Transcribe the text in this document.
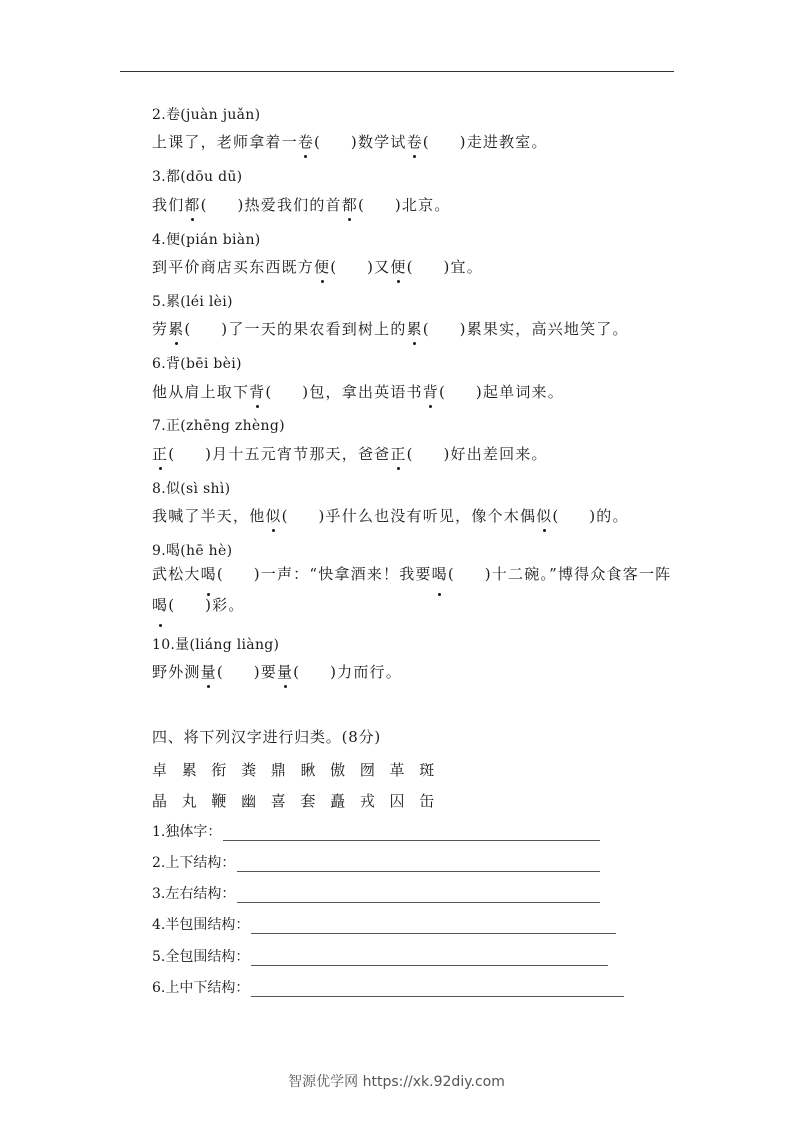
2.卷(juàn juǎn)
上课了，老师拿着一卷(     )数学试卷(     )走进教室。
3.都(dōu dū)
我们都(     )热爱我们的首都(     )北京。
4.便(pián biàn)
到平价商店买东西既方便(     )又便(     )宜。
5.累(léi lèi)
劳累(     )了一天的果农看到树上的累(     )累果实，高兴地笑了。
6.背(bēi bèi)
他从肩上取下背(     )包，拿出英语书背(     )起单词来。
7.正(zhēng zhèng)
正(     )月十五元宵节那天，爸爸正(     )好出差回来。
8.似(sì shì)
我喊了半天，他似(     )乎什么也没有听见，像个木偶似(     )的。
9.喝(hē hè)
武松大喝(     )一声：“快拿酒来！我要喝(     )十二碗。”博得众食客一阵喝(     )彩。
10.量(liáng liàng)
野外测量(     )要量(     )力而行。
四、将下列汉字进行归类。(8分)
卓 累 衔 粪 鼎 瞅 傲 囫 革 斑
晶 丸 鞭 幽 喜 套 矗 戎 囚 缶
1.独体字：
2.上下结构：
3.左右结构：
4.半包围结构：
5.全包围结构：
6.上中下结构：
智源优学网 https://xk.92diy.com
